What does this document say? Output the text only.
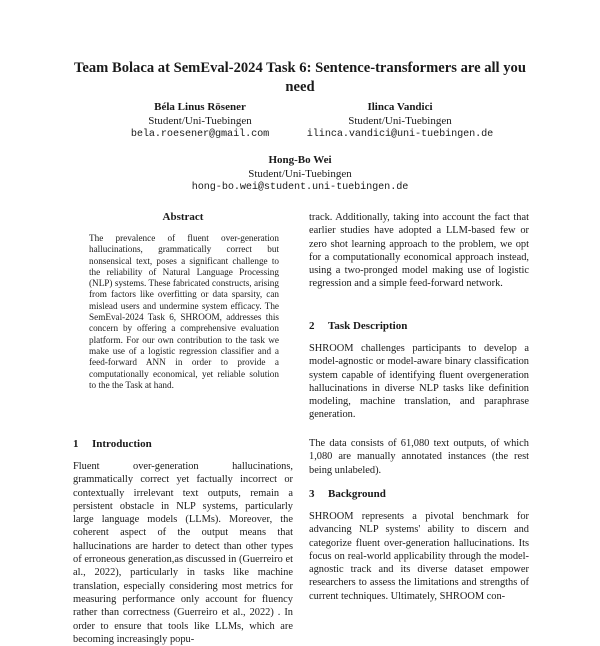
Team Bolaca at SemEval-2024 Task 6: Sentence-transformers are all you need
Béla Linus Rösener
Student/Uni-Tuebingen
bela.roesener@gmail.com
Ilinca Vandici
Student/Uni-Tuebingen
ilinca.vandici@uni-tuebingen.de
Hong-Bo Wei
Student/Uni-Tuebingen
hong-bo.wei@student.uni-tuebingen.de
Abstract

The prevalence of fluent over-generation hallucinations, grammatically correct but nonsensical text, poses a significant challenge to the reliability of Natural Language Processing (NLP) systems. These fabricated constructs, arising from factors like overfitting or data sparsity, can mislead users and undermine system efficacy. The SemEval-2024 Task 6, SHROOM, addresses this concern by offering a comprehensive evaluation platform. For our own contribution to the task we make use of a logistic regression classifier and a feed-forward ANN in order to provide a computationally economical, yet reliable solution to the the Task at hand.

1 Introduction

Fluent over-generation hallucinations, grammatically correct yet factually incorrect or contextually irrelevant text outputs, remain a persistent obstacle in NLP systems, particularly large language models (LLMs). Moreover, the coherent aspect of the output means that hallucinations are harder to detect than other types of erroneous generation,as discussed in (Guerreiro et al., 2022), particularly in tasks like machine translation, especially considering most metrics for measuring performance only account for fluency rather than correctness (Guerreiro et al., 2022) . In order to ensure that tools like LLMs, which are becoming increasingly popu-

track. Additionally, taking into account the fact that earlier studies have adopted a LLM-based few or zero shot learning approach to the problem, we opt for a computationally economical approach instead, using a two-pronged model making use of logistic regression and a simple feed-forward network.

2 Task Description

SHROOM challenges participants to develop a model-agnostic or model-aware binary classification system capable of identifying fluent overgeneration hallucinations in diverse NLP tasks like definition modeling, machine translation, and paraphrase generation.

The data consists of 61,080 text outputs, of which 1,080 are manually annotated instances (the rest being unlabeled).

3 Background

SHROOM represents a pivotal benchmark for advancing NLP systems' ability to discern and categorize fluent over-generation hallucinations. Its focus on real-world applicability through the model-agnostic track and its diverse dataset empower researchers to assess the limitations and strengths of current techniques. Ultimately, SHROOM con-
